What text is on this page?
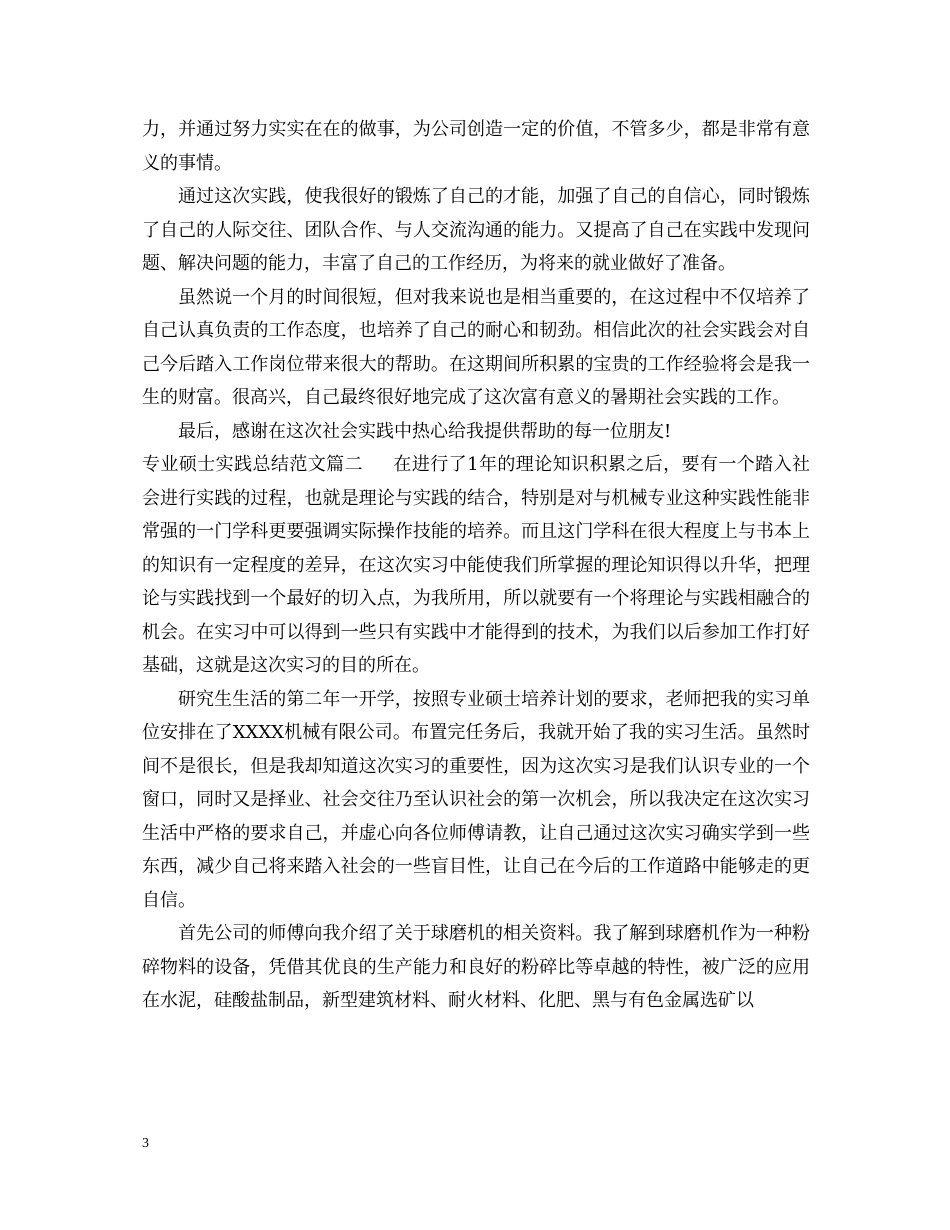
力，并通过努力实实在在的做事，为公司创造一定的价值，不管多少，都是非常有意义的事情。

通过这次实践，使我很好的锻炼了自己的才能，加强了自己的自信心，同时锻炼了自己的人际交往、团队合作、与人交流沟通的能力。又提高了自己在实践中发现问题、解决问题的能力，丰富了自己的工作经历，为将来的就业做好了准备。

虽然说一个月的时间很短，但对我来说也是相当重要的，在这过程中不仅培养了自己认真负责的工作态度，也培养了自己的耐心和韧劲。相信此次的社会实践会对自己今后踏入工作岗位带来很大的帮助。在这期间所积累的宝贵的工作经验将会是我一生的财富。很高兴，自己最终很好地完成了这次富有意义的暑期社会实践的工作。

最后，感谢在这次社会实践中热心给我提供帮助的每一位朋友!

专业硕士实践总结范文篇二 在进行了1年的理论知识积累之后，要有一个踏入社会进行实践的过程，也就是理论与实践的结合，特别是对与机械专业这种实践性能非常强的一门学科更要强调实际操作技能的培养。而且这门学科在很大程度上与书本上的知识有一定程度的差异，在这次实习中能使我们所掌握的理论知识得以升华，把理论与实践找到一个最好的切入点，为我所用，所以就要有一个将理论与实践相融合的机会。在实习中可以得到一些只有实践中才能得到的技术，为我们以后参加工作打好基础，这就是这次实习的目的所在。

研究生生活的第二年一开学，按照专业硕士培养计划的要求，老师把我的实习单位安排在了XXXX机械有限公司。布置完任务后，我就开始了我的实习生活。虽然时间不是很长，但是我却知道这次实习的重要性，因为这次实习是我们认识专业的一个窗口，同时又是择业、社会交往乃至认识社会的第一次机会，所以我决定在这次实习生活中严格的要求自己，并虚心向各位师傅请教，让自己通过这次实习确实学到一些东西，减少自己将来踏入社会的一些盲目性，让自己在今后的工作道路中能够走的更自信。

首先公司的师傅向我介绍了关于球磨机的相关资料。我了解到球磨机作为一种粉碎物料的设备，凭借其优良的生产能力和良好的粉碎比等卓越的特性，被广泛的应用在水泥，硅酸盐制品，新型建筑材料、耐火材料、化肥、黑与有色金属选矿以

3
